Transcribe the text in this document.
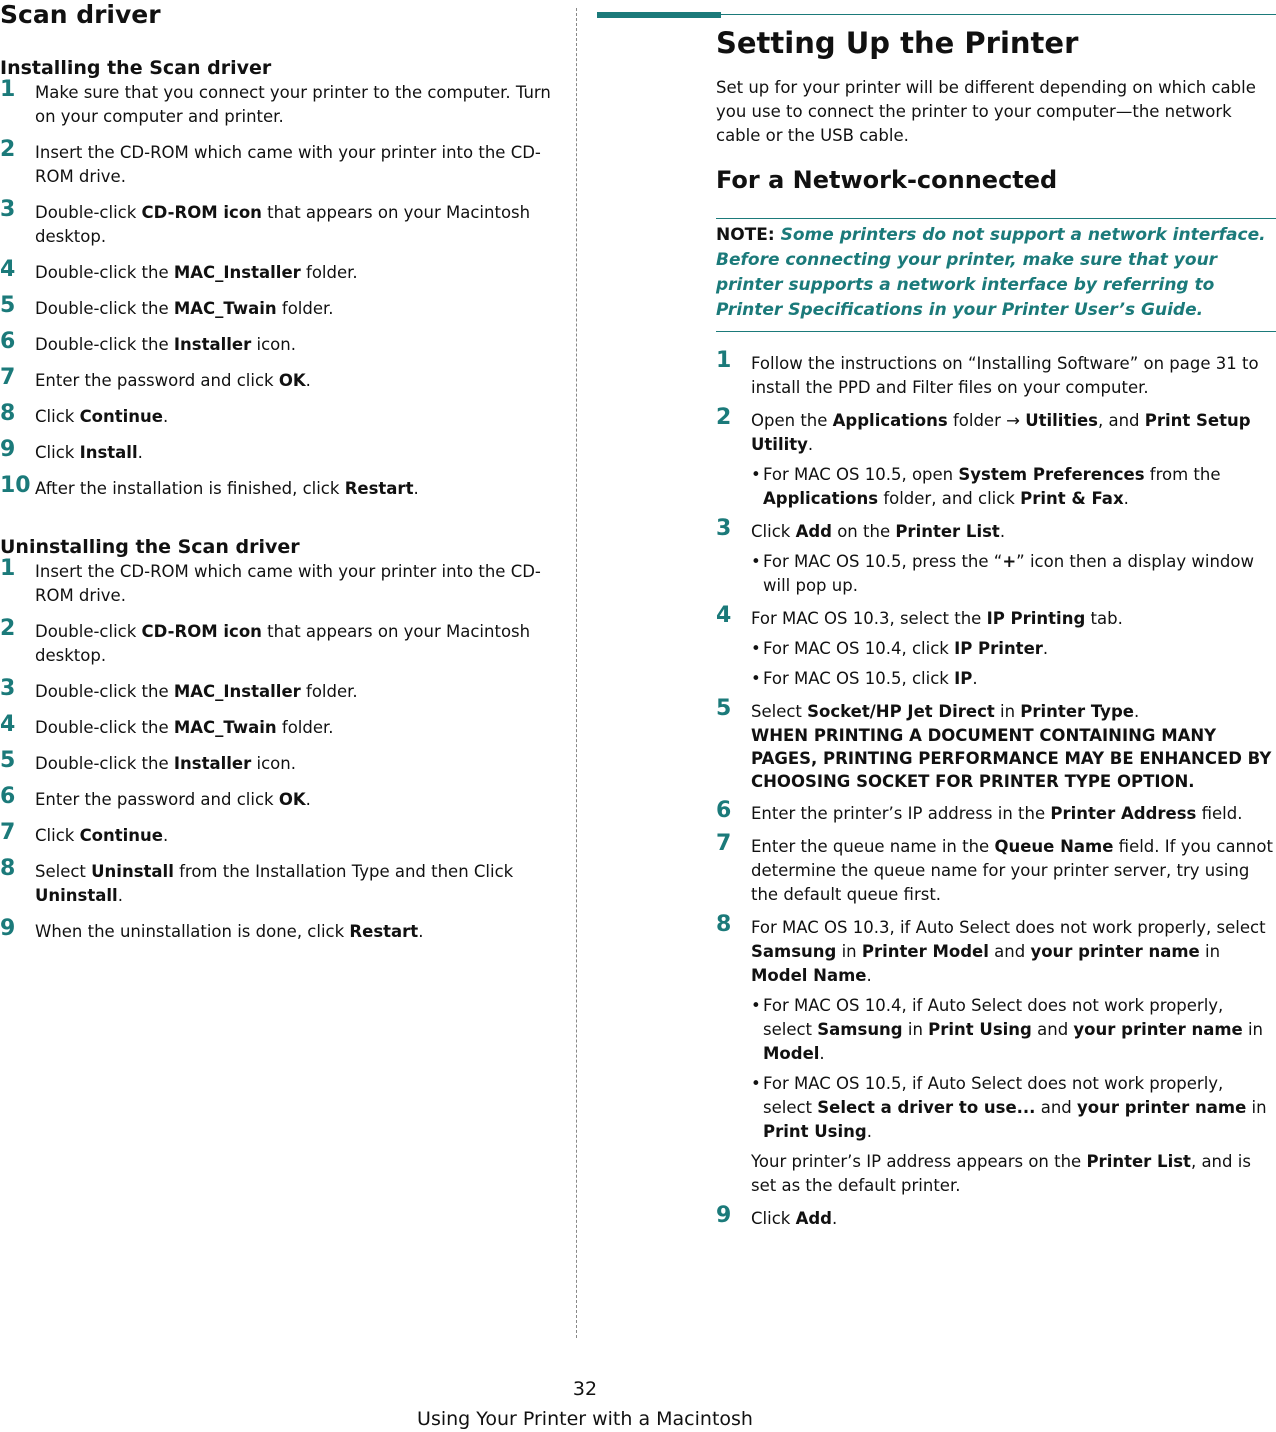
Scan driver
Installing the Scan driver
1 Make sure that you connect your printer to the computer. Turn on your computer and printer.
2 Insert the CD-ROM which came with your printer into the CD-ROM drive.
3 Double-click CD-ROM icon that appears on your Macintosh desktop.
4 Double-click the MAC_Installer folder.
5 Double-click the MAC_Twain folder.
6 Double-click the Installer icon.
7 Enter the password and click OK.
8 Click Continue.
9 Click Install.
10 After the installation is finished, click Restart.
Uninstalling the Scan driver
1 Insert the CD-ROM which came with your printer into the CD-ROM drive.
2 Double-click CD-ROM icon that appears on your Macintosh desktop.
3 Double-click the MAC_Installer folder.
4 Double-click the MAC_Twain folder.
5 Double-click the Installer icon.
6 Enter the password and click OK.
7 Click Continue.
8 Select Uninstall from the Installation Type and then Click Uninstall.
9 When the uninstallation is done, click Restart.
Setting Up the Printer

Set up for your printer will be different depending on which cable you use to connect the printer to your computer—the network cable or the USB cable.

For a Network-connected
NOTE: Some printers do not support a network interface. Before connecting your printer, make sure that your printer supports a network interface by referring to Printer Specifications in your Printer User’s Guide.
1 Follow the instructions on “Installing Software” on page 31 to install the PPD and Filter files on your computer.
2 Open the Applications folder → Utilities, and Print Setup Utility.
• For MAC OS 10.5, open System Preferences from the Applications folder, and click Print & Fax.
3 Click Add on the Printer List.
• For MAC OS 10.5, press the “+” icon then a display window will pop up.
4 For MAC OS 10.3, select the IP Printing tab.
• For MAC OS 10.4, click IP Printer.
• For MAC OS 10.5, click IP.
5 Select Socket/HP Jet Direct in Printer Type.
WHEN PRINTING A DOCUMENT CONTAINING MANY PAGES, PRINTING PERFORMANCE MAY BE ENHANCED BY CHOOSING SOCKET FOR PRINTER TYPE OPTION.
6 Enter the printer’s IP address in the Printer Address field.
7 Enter the queue name in the Queue Name field. If you cannot determine the queue name for your printer server, try using the default queue first.
8 For MAC OS 10.3, if Auto Select does not work properly, select Samsung in Printer Model and your printer name in Model Name.
• For MAC OS 10.4, if Auto Select does not work properly, select Samsung in Print Using and your printer name in Model.
• For MAC OS 10.5, if Auto Select does not work properly, select Select a driver to use... and your printer name in Print Using.
Your printer’s IP address appears on the Printer List, and is set as the default printer.
9 Click Add.
32
Using Your Printer with a Macintosh
